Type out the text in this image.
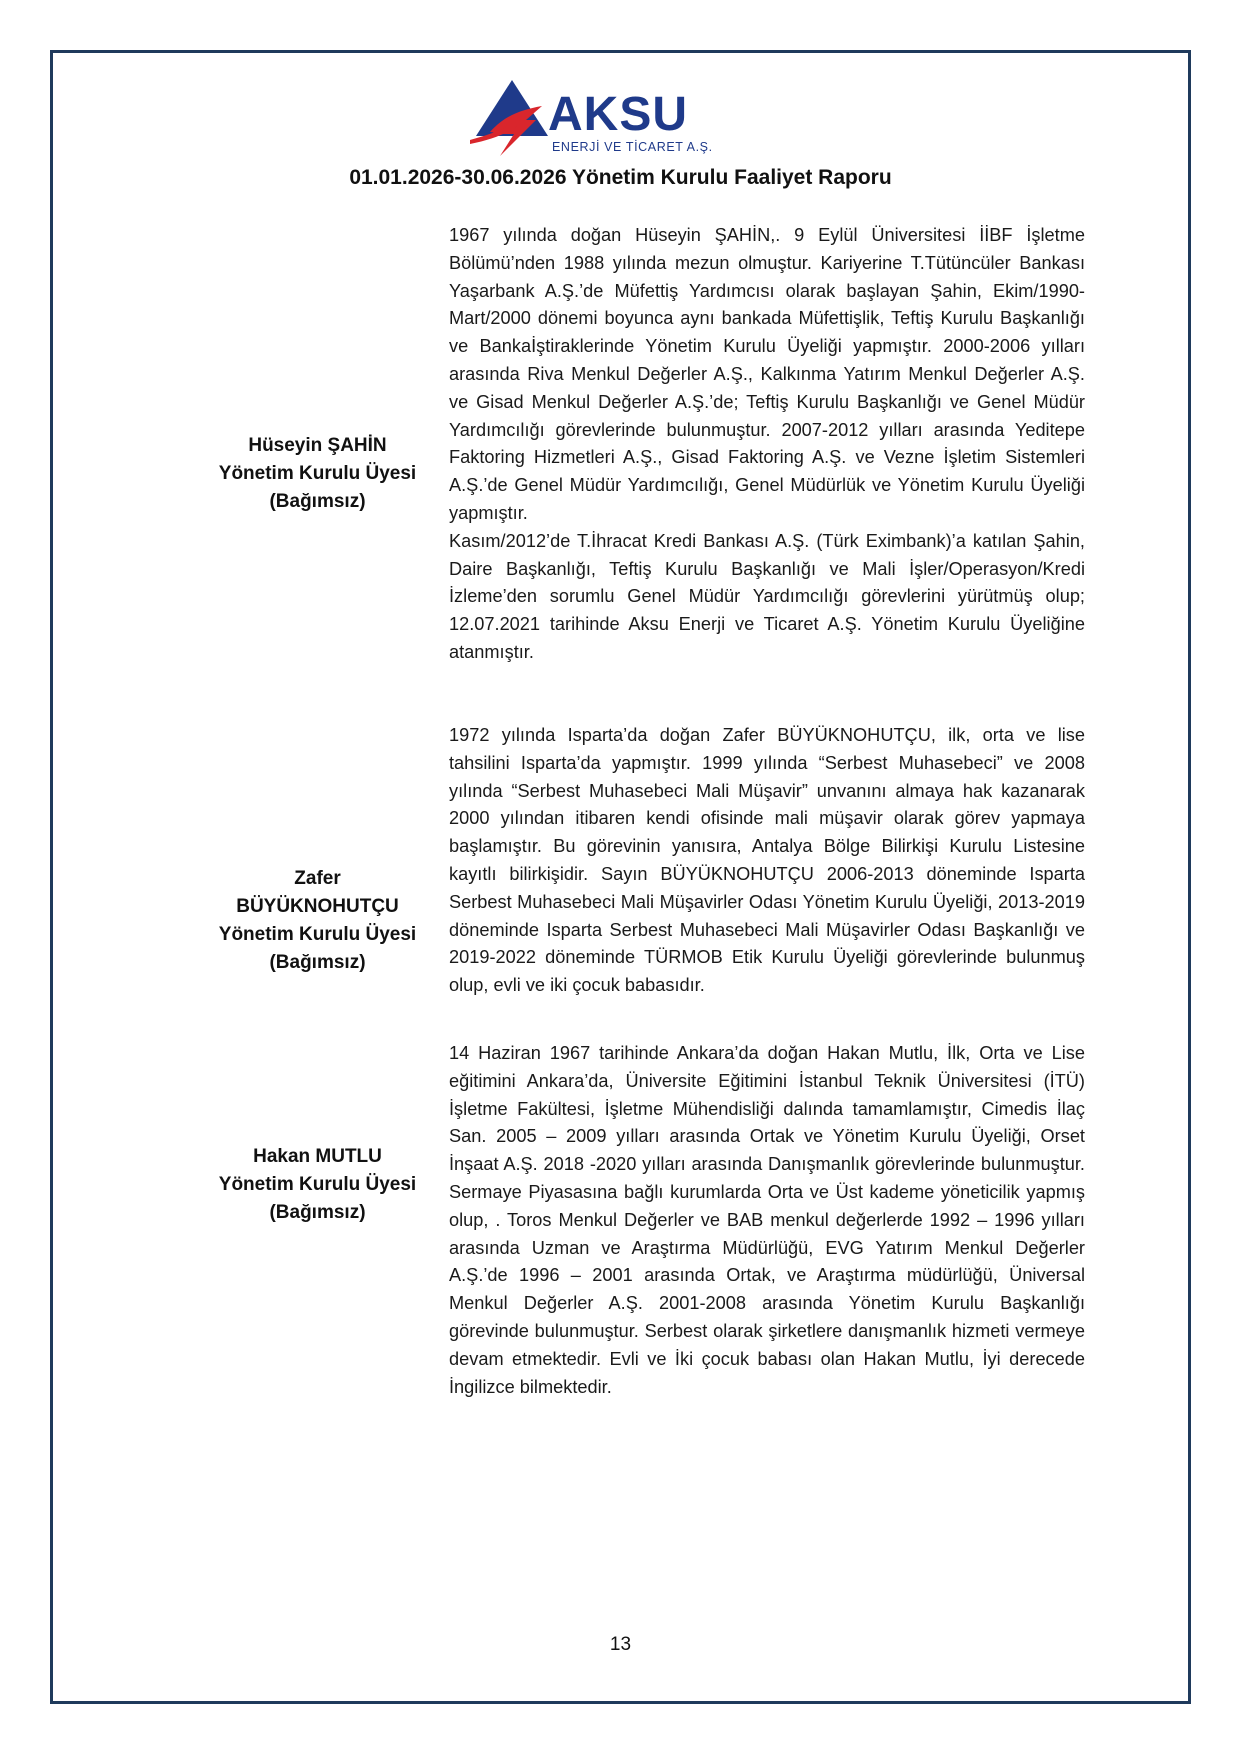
AKSU
ENERJİ VE TİCARET A.Ş.
01.01.2026-30.06.2026 Yönetim Kurulu Faaliyet Raporu
Hüseyin ŞAHİN
Yönetim Kurulu Üyesi
(Bağımsız)

1967 yılında doğan Hüseyin ŞAHİN,. 9 Eylül Üniversitesi İİBF İşletme Bölümü’nden 1988 yılında mezun olmuştur. Kariyerine T.Tütüncüler Bankası Yaşarbank A.Ş.’de Müfettiş Yardımcısı olarak başlayan Şahin, Ekim/1990-Mart/2000 dönemi boyunca aynı bankada Müfettişlik, Teftiş Kurulu Başkanlığı ve Bankaİştiraklerinde Yönetim Kurulu Üyeliği yapmıştır. 2000-2006 yılları arasında Riva Menkul Değerler A.Ş., Kalkınma Yatırım Menkul Değerler A.Ş. ve Gisad Menkul Değerler A.Ş.’de; Teftiş Kurulu Başkanlığı ve Genel Müdür Yardımcılığı görevlerinde bulunmuştur. 2007-2012 yılları arasında Yeditepe Faktoring Hizmetleri A.Ş., Gisad Faktoring A.Ş. ve Vezne İşletim Sistemleri A.Ş.’de Genel Müdür Yardımcılığı, Genel Müdürlük ve Yönetim Kurulu Üyeliği yapmıştır.

Kasım/2012’de T.İhracat Kredi Bankası A.Ş. (Türk Eximbank)’a katılan Şahin, Daire Başkanlığı, Teftiş Kurulu Başkanlığı ve Mali İşler/Operasyon/Kredi İzleme’den sorumlu Genel Müdür Yardımcılığı görevlerini yürütmüş olup; 12.07.2021 tarihinde Aksu Enerji ve Ticaret A.Ş. Yönetim Kurulu Üyeliğine atanmıştır.

Zafer
BÜYÜKNOHUTÇU
Yönetim Kurulu Üyesi
(Bağımsız)

1972 yılında Isparta’da doğan Zafer BÜYÜKNOHUTÇU, ilk, orta ve lise tahsilini Isparta’da yapmıştır. 1999 yılında “Serbest Muhasebeci” ve 2008 yılında “Serbest Muhasebeci Mali Müşavir” unvanını almaya hak kazanarak 2000 yılından itibaren kendi ofisinde mali müşavir olarak görev yapmaya başlamıştır. Bu görevinin yanısıra, Antalya Bölge Bilirkişi Kurulu Listesine kayıtlı bilirkişidir. Sayın BÜYÜKNOHUTÇU 2006-2013 döneminde Isparta Serbest Muhasebeci Mali Müşavirler Odası Yönetim Kurulu Üyeliği, 2013-2019 döneminde Isparta Serbest Muhasebeci Mali Müşavirler Odası Başkanlığı ve 2019-2022 döneminde TÜRMOB Etik Kurulu Üyeliği görevlerinde bulunmuş olup, evli ve iki çocuk babasıdır.

Hakan MUTLU
Yönetim Kurulu Üyesi
(Bağımsız)

14 Haziran 1967 tarihinde Ankara’da doğan Hakan Mutlu, İlk, Orta ve Lise eğitimini Ankara’da, Üniversite Eğitimini İstanbul Teknik Üniversitesi (İTÜ) İşletme Fakültesi, İşletme Mühendisliği dalında tamamlamıştır, Cimedis İlaç San. 2005 – 2009 yılları arasında Ortak ve Yönetim Kurulu Üyeliği, Orset İnşaat A.Ş. 2018 -2020 yılları arasında Danışmanlık görevlerinde bulunmuştur. Sermaye Piyasasına bağlı kurumlarda Orta ve Üst kademe yöneticilik yapmış olup, . Toros Menkul Değerler ve BAB menkul değerlerde 1992 – 1996 yılları arasında Uzman ve Araştırma Müdürlüğü, EVG Yatırım Menkul Değerler A.Ş.’de 1996 – 2001 arasında Ortak, ve Araştırma müdürlüğü, Üniversal Menkul Değerler A.Ş. 2001-2008 arasında Yönetim Kurulu Başkanlığı görevinde bulunmuştur. Serbest olarak şirketlere danışmanlık hizmeti vermeye devam etmektedir. Evli ve İki çocuk babası olan Hakan Mutlu, İyi derecede İngilizce bilmektedir.

13
